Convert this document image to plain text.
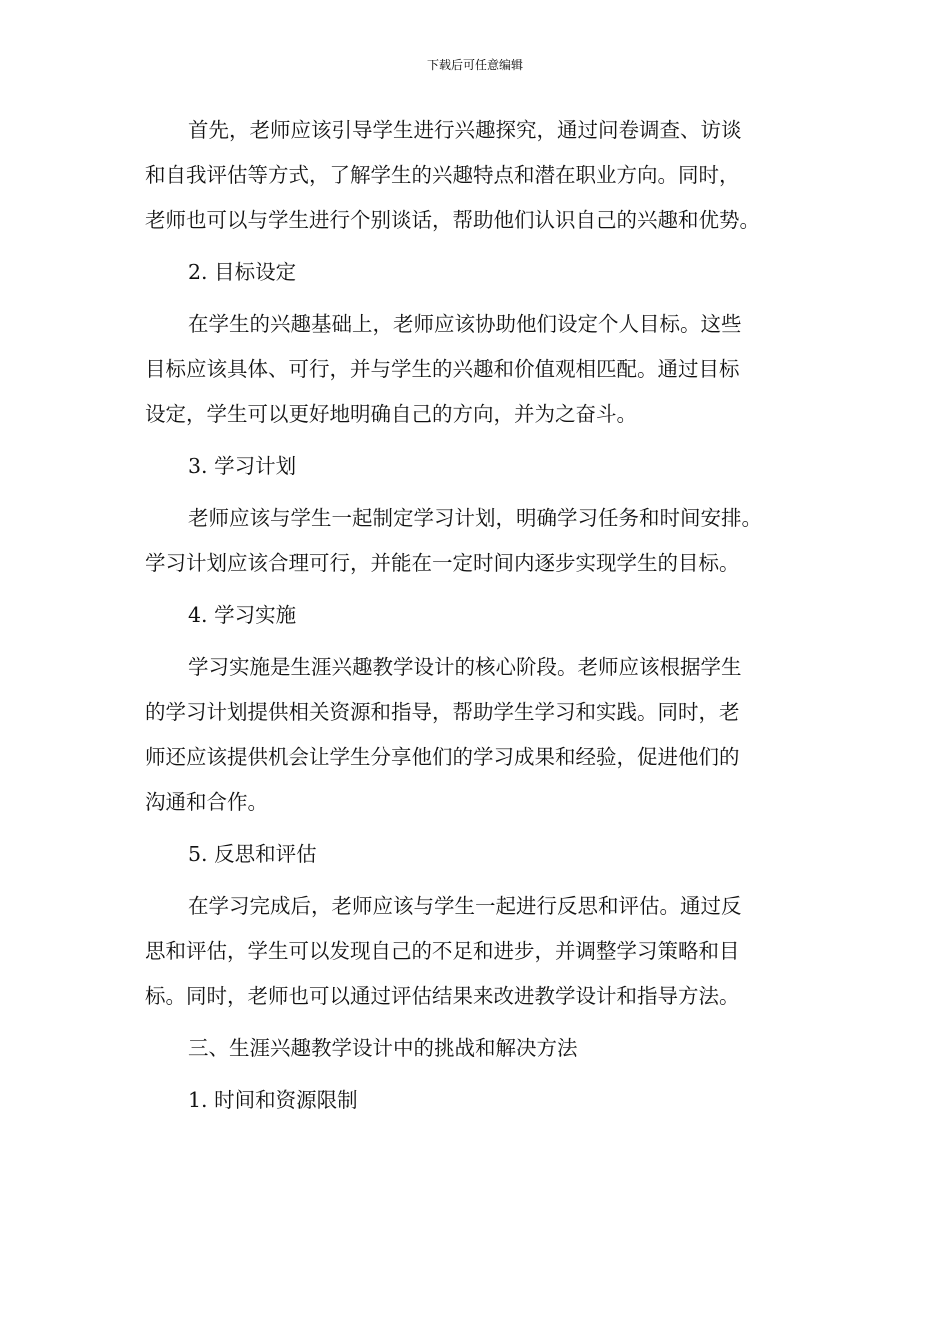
下载后可任意编辑
首先，老师应该引导学生进行兴趣探究，通过问卷调查、访谈
和自我评估等方式，了解学生的兴趣特点和潜在职业方向。同时，
老师也可以与学生进行个别谈话，帮助他们认识自己的兴趣和优势。
2. 目标设定
在学生的兴趣基础上，老师应该协助他们设定个人目标。这些
目标应该具体、可行，并与学生的兴趣和价值观相匹配。通过目标
设定，学生可以更好地明确自己的方向，并为之奋斗。
3. 学习计划
老师应该与学生一起制定学习计划，明确学习任务和时间安排。
学习计划应该合理可行，并能在一定时间内逐步实现学生的目标。
4. 学习实施
学习实施是生涯兴趣教学设计的核心阶段。老师应该根据学生
的学习计划提供相关资源和指导，帮助学生学习和实践。同时，老
师还应该提供机会让学生分享他们的学习成果和经验，促进他们的
沟通和合作。
5. 反思和评估
在学习完成后，老师应该与学生一起进行反思和评估。通过反
思和评估，学生可以发现自己的不足和进步，并调整学习策略和目
标。同时，老师也可以通过评估结果来改进教学设计和指导方法。
三、生涯兴趣教学设计中的挑战和解决方法
1. 时间和资源限制
